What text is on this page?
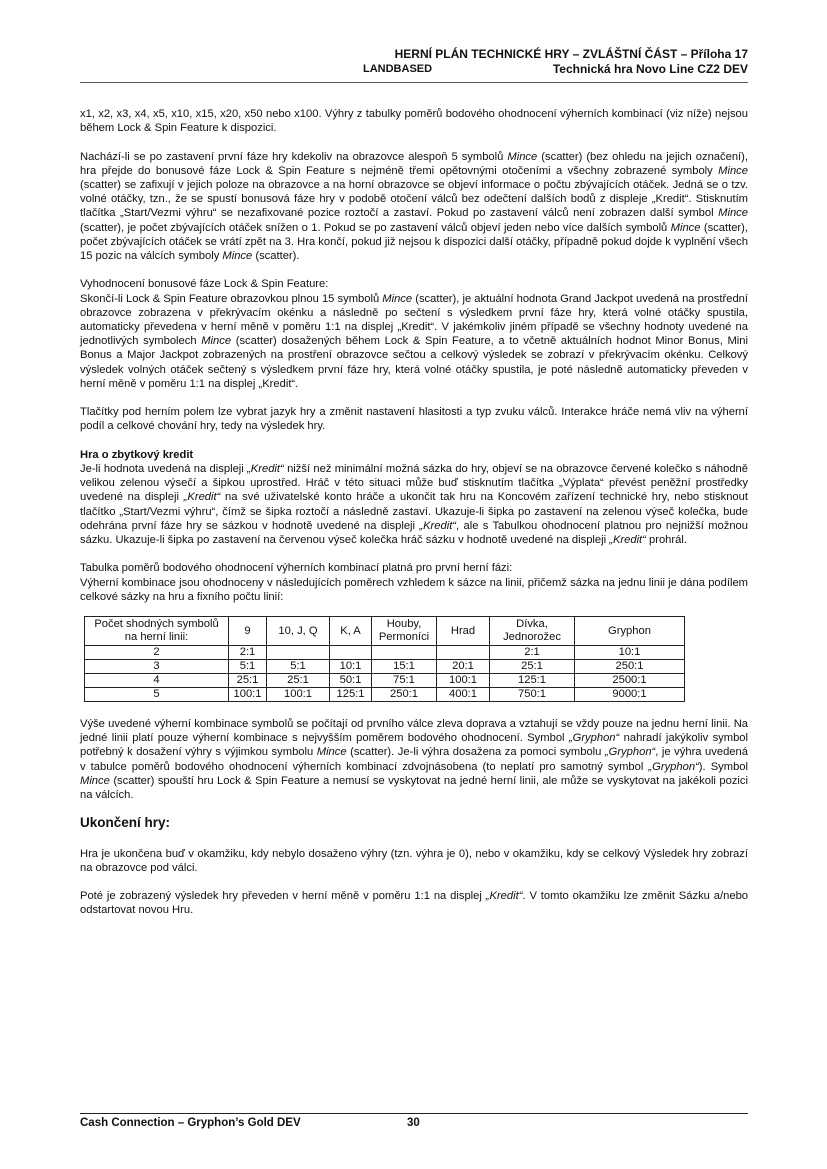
HERNÍ PLÁN TECHNICKÉ HRY – ZVLÁŠTNÍ ČÁST – Příloha 17
LANDBASED	Technická hra Novo Line CZ2 DEV

x1, x2, x3, x4, x5, x10, x15, x20, x50 nebo x100. Výhry z tabulky poměrů bodového ohodnocení výherních kombinací (viz níže) nejsou během Lock & Spin Feature k dispozici.

Nachází-li se po zastavení první fáze hry kdekoliv na obrazovce alespoň 5 symbolů Mince (scatter) (bez ohledu na jejich označení), hra přejde do bonusové fáze Lock & Spin Feature s nejméně třemi opětovnými otočeními a všechny zobrazené symboly Mince (scatter) se zafixují v jejich poloze na obrazovce a na horní obrazovce se objeví informace o počtu zbývajících otáček. Jedná se o tzv. volné otáčky, tzn., že se spustí bonusová fáze hry v podobě otočení válců bez odečtení dalších bodů z displeje „Kredit“. Stisknutím tlačítka „Start/Vezmi výhru“ se nezafixované pozice roztočí a zastaví. Pokud po zastavení válců není zobrazen další symbol Mince (scatter), je počet zbývajících otáček snížen o 1. Pokud se po zastavení válců objeví jeden nebo více dalších symbolů Mince (scatter), počet zbývajících otáček se vrátí zpět na 3. Hra končí, pokud již nejsou k dispozici další otáčky, případně pokud dojde k vyplnění všech 15 pozic na válcích symboly Mince (scatter).

Vyhodnocení bonusové fáze Lock & Spin Feature:

Skončí-li Lock & Spin Feature obrazovkou plnou 15 symbolů Mince (scatter), je aktuální hodnota Grand Jackpot uvedená na prostřední obrazovce zobrazena v překrývacím okénku a následně po sečtení s výsledkem první fáze hry, která volné otáčky spustila, automaticky převedena v herní měně v poměru 1:1 na displej „Kredit“. V jakémkoliv jiném případě se všechny hodnoty uvedené na jednotlivých symbolech Mince (scatter) dosažených během Lock & Spin Feature, a to včetně aktuálních hodnot Minor Bonus, Mini Bonus a Major Jackpot zobrazených na prostření obrazovce sečtou a celkový výsledek se zobrazí v překrývacím okénku. Celkový výsledek volných otáček sečtený s výsledkem první fáze hry, která volné otáčky spustila, je poté následně automaticky převeden v herní měně v poměru 1:1 na displej „Kredit“.

Tlačítky pod herním polem lze vybrat jazyk hry a změnit nastavení hlasitosti a typ zvuku válců. Interakce hráče nemá vliv na výherní podíl a celkové chování hry, tedy na výsledek hry.

Hra o zbytkový kredit

Je-li hodnota uvedená na displeji „Kredit“ nižší než minimální možná sázka do hry, objeví se na obrazovce červené kolečko s náhodně velikou zelenou výsečí a šipkou uprostřed. Hráč v této situaci může buď stisknutím tlačítka „Výplata“ převést peněžní prostředky uvedené na displeji „Kredit“ na své uživatelské konto hráče a ukončit tak hru na Koncovém zařízení technické hry, nebo stisknout tlačítko „Start/Vezmi výhru“, čímž se šipka roztočí a následně zastaví. Ukazuje-li šipka po zastavení na zelenou výseč kolečka, bude odehrána první fáze hry se sázkou v hodnotě uvedené na displeji „Kredit“, ale s Tabulkou ohodnocení platnou pro nejnižší možnou sázku. Ukazuje-li šipka po zastavení na červenou výseč kolečka hráč sázku v hodnotě uvedené na displeji „Kredit“ prohrál.

Tabulka poměrů bodového ohodnocení výherních kombinací platná pro první herní fázi:

Výherní kombinace jsou ohodnoceny v následujících poměrech vzhledem k sázce na linii, přičemž sázka na jednu linii je dána podílem celkové sázky na hru a fixního počtu linií:

Počet shodných symbolů na herní linii:	9	10, J, Q	K, A	Houby, Permoníci	Hrad	Dívka, Jednorožec	Gryphon
2	2:1					2:1	10:1
3	5:1	5:1	10:1	15:1	20:1	25:1	250:1
4	25:1	25:1	50:1	75:1	100:1	125:1	2500:1
5	100:1	100:1	125:1	250:1	400:1	750:1	9000:1

Výše uvedené výherní kombinace symbolů se počítají od prvního válce zleva doprava a vztahují se vždy pouze na jednu herní linii. Na jedné linii platí pouze výherní kombinace s nejvyšším poměrem bodového ohodnocení. Symbol „Gryphon“ nahradí jakýkoliv symbol potřebný k dosažení výhry s výjimkou symbolu Mince (scatter). Je-li výhra dosažena za pomoci symbolu „Gryphon“, je výhra uvedená v tabulce poměrů bodového ohodnocení výherních kombinací zdvojnásobena (to neplatí pro samotný symbol „Gryphon“). Symbol Mince (scatter) spouští hru Lock & Spin Feature a nemusí se vyskytovat na jedné herní linii, ale může se vyskytovat na jakékoli pozici na válcích.

Ukončení hry:

Hra je ukončena buď v okamžiku, kdy nebylo dosaženo výhry (tzn. výhra je 0), nebo v okamžiku, kdy se celkový Výsledek hry zobrazí na obrazovce pod válci.

Poté je zobrazený výsledek hry převeden v herní měně v poměru 1:1 na displej „Kredit“. V tomto okamžiku lze změnit Sázku a/nebo odstartovat novou Hru.

Cash Connection – Gryphon’s Gold DEV	30
